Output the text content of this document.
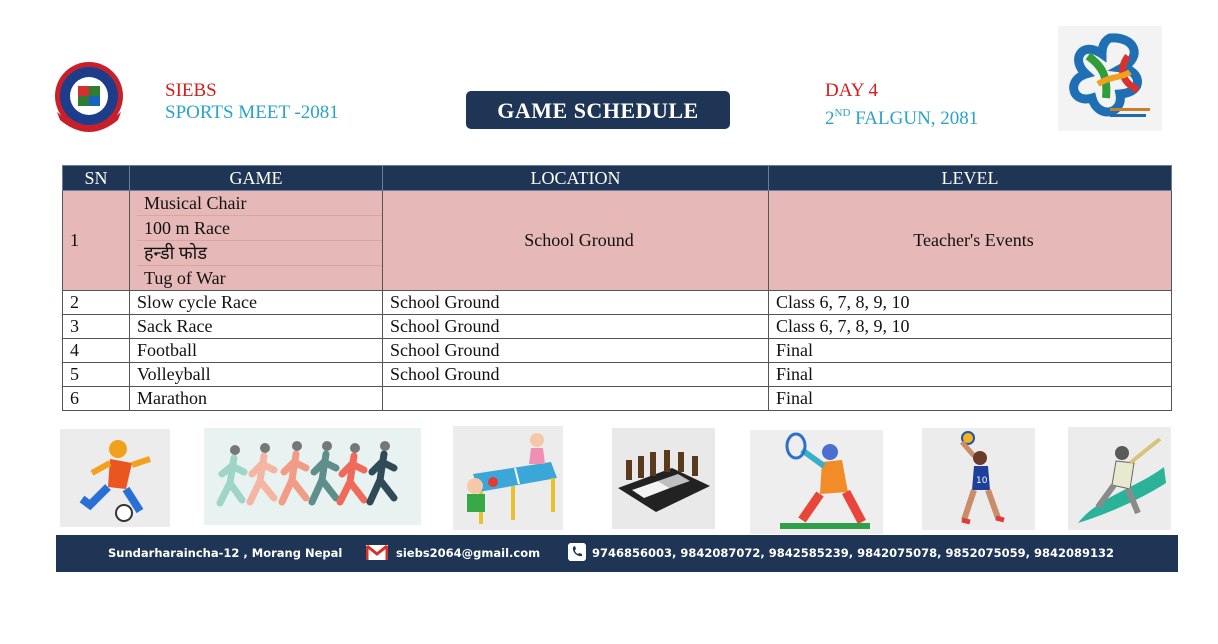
SIEBS
SPORTS MEET -2081	GAME SCHEDULE
DAY 4
2ND FALGUN, 2081
SN	GAME	LOCATION	LEVEL
1	Musical Chair
100 m Race
हन्डी फोड
Tug of War	School Ground	Teacher's Events
2	Slow cycle Race	School Ground	Class 6, 7, 8, 9, 10
3	Sack Race	School Ground	Class 6, 7, 8, 9, 10
4	Football	School Ground	Final
5	Volleyball	School Ground	Final
6	Marathon		Final
10
Sundarharaincha-12 , Morang Nepal	siebs2064@gmail.com	9746856003, 9842087072, 9842585239, 9842075078, 9852075059, 9842089132
